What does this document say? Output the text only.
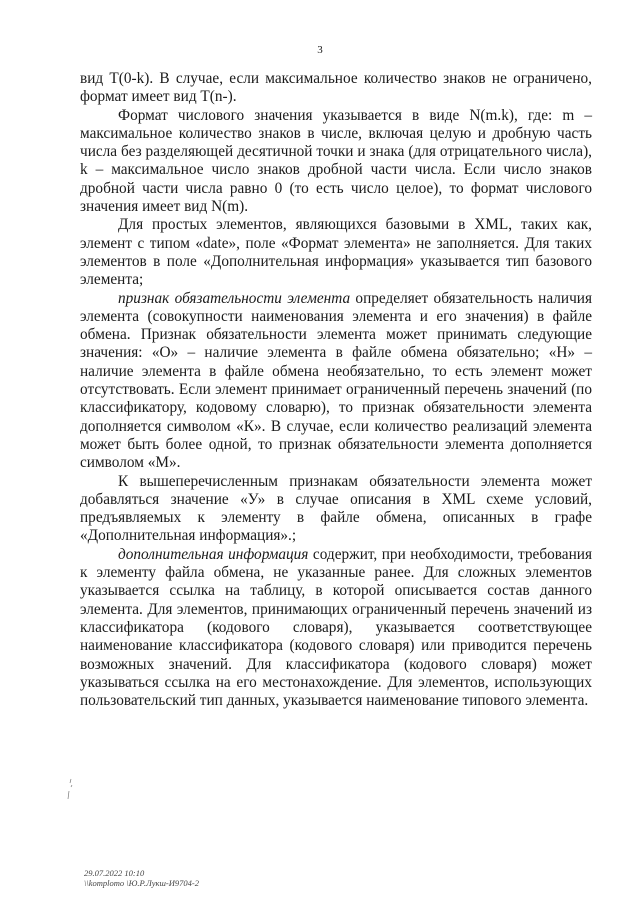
3

вид T(0-k). В случае, если максимальное количество знаков не ограничено, формат имеет вид T(n-).

Формат числового значения указывается в виде N(m.k), где: m – максимальное количество знаков в числе, включая целую и дробную часть числа без разделяющей десятичной точки и знака (для отрицательного числа), k – максимальное число знаков дробной части числа. Если число знаков дробной части числа равно 0 (то есть число целое), то формат числового значения имеет вид N(m).

Для простых элементов, являющихся базовыми в XML, таких как, элемент с типом «date», поле «Формат элемента» не заполняется. Для таких элементов в поле «Дополнительная информация» указывается тип базового элемента;

признак обязательности элемента определяет обязательность наличия элемента (совокупности наименования элемента и его значения) в файле обмена. Признак обязательности элемента может принимать следующие значения: «О» – наличие элемента в файле обмена обязательно; «Н» – наличие элемента в файле обмена необязательно, то есть элемент может отсутствовать. Если элемент принимает ограниченный перечень значений (по классификатору, кодовому словарю), то признак обязательности элемента дополняется символом «К». В случае, если количество реализаций элемента может быть более одной, то признак обязательности элемента дополняется символом «М».

К вышеперечисленным признакам обязательности элемента может добавляться значение «У» в случае описания в XML схеме условий, предъявляемых к элементу в файле обмена, описанных в графе «Дополнительная информация».;

дополнительная информация содержит, при необходимости, требования к элементу файла обмена, не указанные ранее. Для сложных элементов указывается ссылка на таблицу, в которой описывается состав данного элемента. Для элементов, принимающих ограниченный перечень значений из классификатора (кодового словаря), указывается соответствующее наименование классификатора (кодового словаря) или приводится перечень возможных значений. Для классификатора (кодового словаря) может указываться ссылка на его местонахождение. Для элементов, использующих пользовательский тип данных, указывается наименование типового элемента.

29.07.2022 10:10
\\komplomo \Ю.Р.Лукш-И9704-2
